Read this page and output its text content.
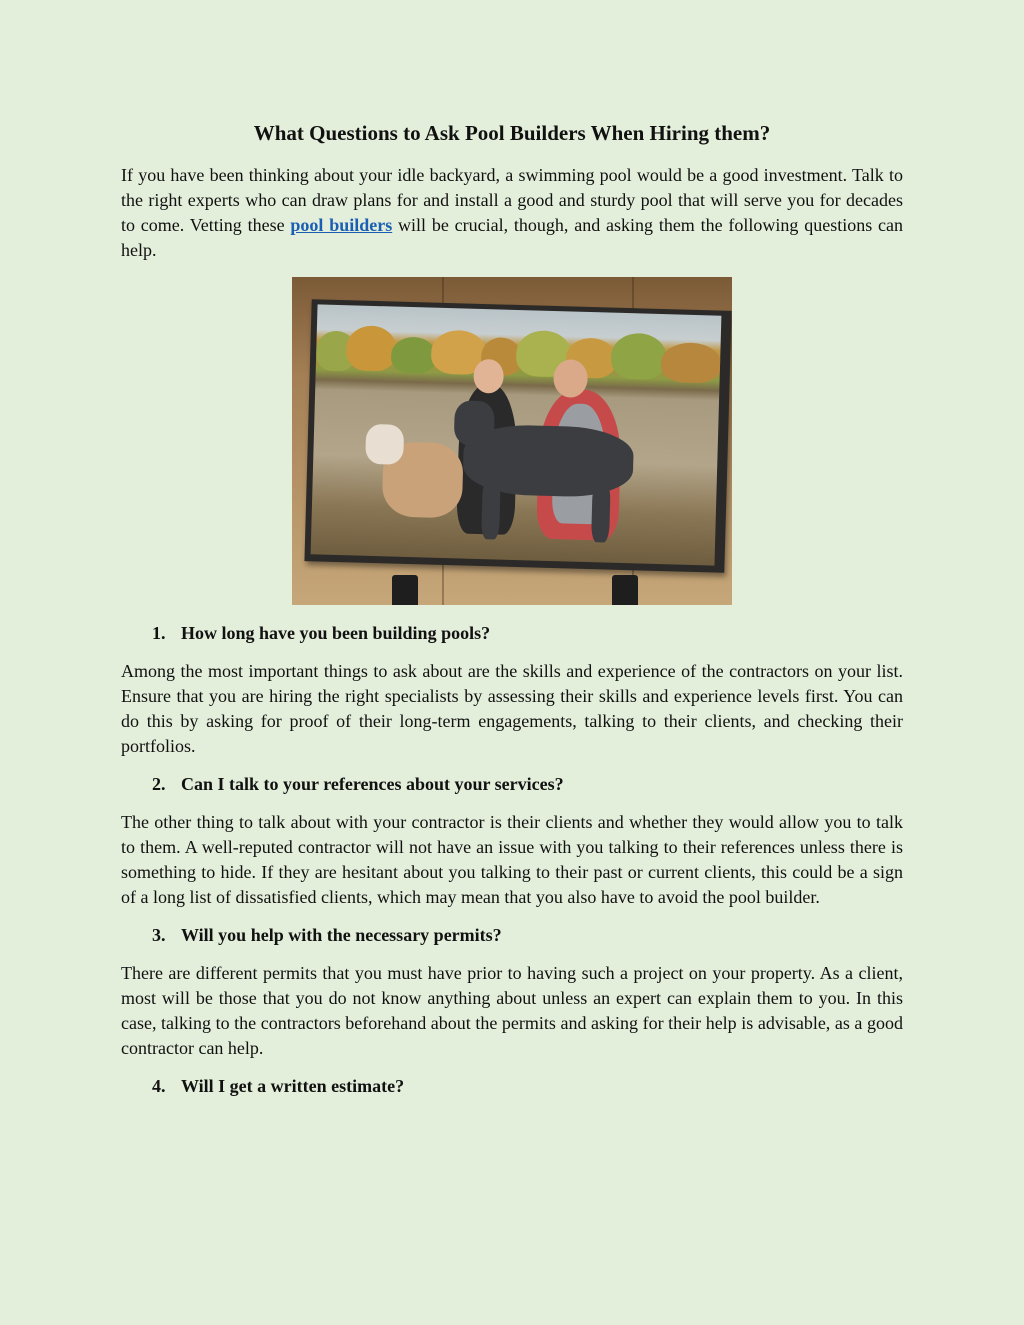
What Questions to Ask Pool Builders When Hiring them?

If you have been thinking about your idle backyard, a swimming pool would be a good investment. Talk to the right experts who can draw plans for and install a good and sturdy pool that will serve you for decades to come. Vetting these pool builders will be crucial, though, and asking them the following questions can help.

1. How long have you been building pools?

Among the most important things to ask about are the skills and experience of the contractors on your list. Ensure that you are hiring the right specialists by assessing their skills and experience levels first. You can do this by asking for proof of their long-term engagements, talking to their clients, and checking their portfolios.

2. Can I talk to your references about your services?

The other thing to talk about with your contractor is their clients and whether they would allow you to talk to them. A well-reputed contractor will not have an issue with you talking to their references unless there is something to hide. If they are hesitant about you talking to their past or current clients, this could be a sign of a long list of dissatisfied clients, which may mean that you also have to avoid the pool builder.

3. Will you help with the necessary permits?

There are different permits that you must have prior to having such a project on your property. As a client, most will be those that you do not know anything about unless an expert can explain them to you. In this case, talking to the contractors beforehand about the permits and asking for their help is advisable, as a good contractor can help.

4. Will I get a written estimate?
